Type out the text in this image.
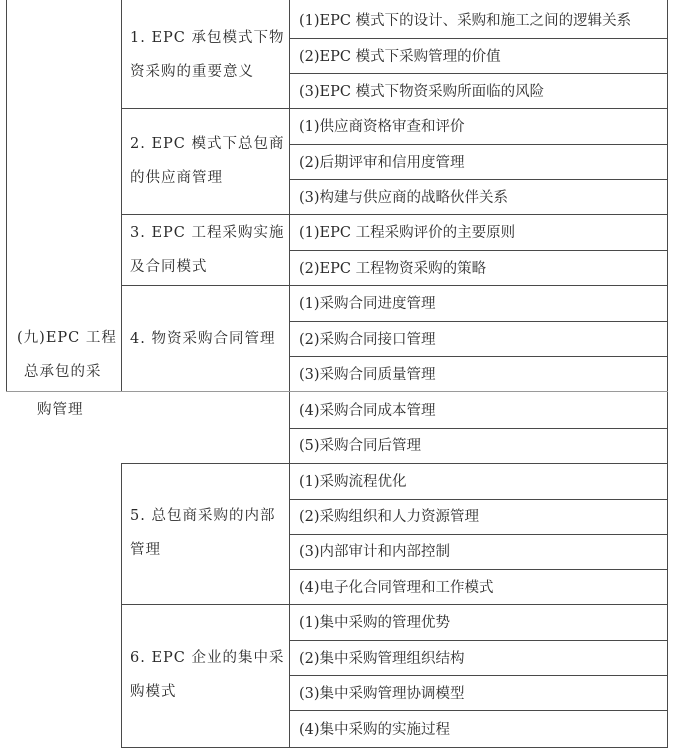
(九)EPC 工程
总承包的采
购管理
1. EPC 承包模式下物
资采购的重要意义
2. EPC 模式下总包商
的供应商管理
3. EPC 工程采购实施
及合同模式
4. 物资采购合同管理
5. 总包商采购的内部
管理
6. EPC 企业的集中采
购模式
(1)EPC 模式下的设计、采购和施工之间的逻辑关系
(2)EPC 模式下采购管理的价值
(3)EPC 模式下物资采购所面临的风险
(1)供应商资格审查和评价
(2)后期评审和信用度管理
(3)构建与供应商的战略伙伴关系
(1)EPC 工程采购评价的主要原则
(2)EPC 工程物资采购的策略
(1)采购合同进度管理
(2)采购合同接口管理
(3)采购合同质量管理
(4)采购合同成本管理
(5)采购合同后管理
(1)采购流程优化
(2)采购组织和人力资源管理
(3)内部审计和内部控制
(4)电子化合同管理和工作模式
(1)集中采购的管理优势
(2)集中采购管理组织结构
(3)集中采购管理协调模型
(4)集中采购的实施过程
